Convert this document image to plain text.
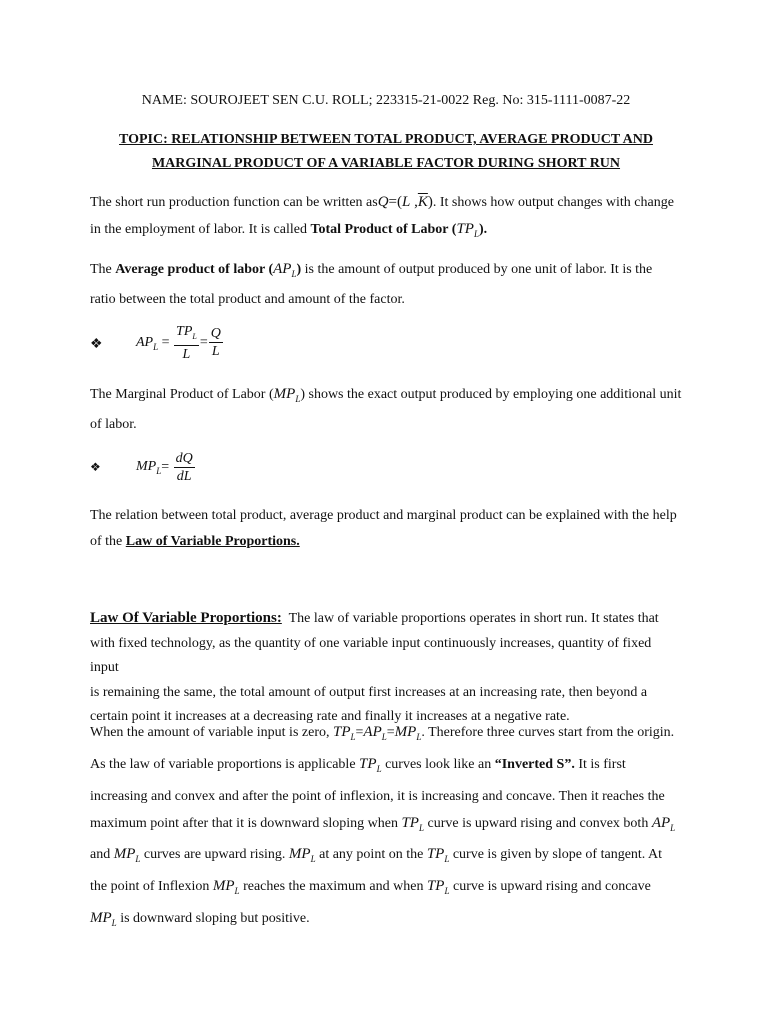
NAME: SOUROJEET SEN C.U. ROLL; 223315-21-0022 Reg. No: 315-1111-0087-22
TOPIC: RELATIONSHIP BETWEEN TOTAL PRODUCT, AVERAGE PRODUCT AND
MARGINAL PRODUCT OF A VARIABLE FACTOR DURING SHORT RUN
The short run production function can be written asQ=(L $,\overline{K}$). It shows how output changes with change
in the employment of labor. It is called Total Product of Labor $(TP_L)$.
The Average product of labor $(AP_L)$ is the amount of output produced by one unit of labor. It is the
ratio between the total product and amount of the factor.
❖ $AP_L = \frac{TP_L}{L} = \frac{Q}{L}$
The Marginal Product of Labor $(MP_L)$ shows the exact output produced by employing one additional unit
of labor.
❖	$MP_L= \frac{dQ}{dL}$
The relation between total product, average product and marginal product can be explained with the help
of the Law of Variable Proportions.
Law Of Variable Proportions:  The law of variable proportions operates in short run. It states that
with fixed technology, as the quantity of one variable input continuously increases, quantity of fixed input
is remaining the same, the total amount of output first increases at an increasing rate, then beyond a
certain point it increases at a decreasing rate and finally it increases at a negative rate.
When the amount of variable input is zero, $TP_L=AP_L=MP_L$. Therefore three curves start from the origin.
As the law of variable proportions is applicable $TP_L$ curves look like an “Inverted S”. It is first
increasing and convex and after the point of inflexion, it is increasing and concave. Then it reaches the
maximum point after that it is downward sloping when $TP_L$ curve is upward rising and convex both $AP_L$
and $MP_L$ curves are upward rising. $MP_L$ at any point on the $TP_L$ curve is given by slope of tangent. At
the point of Inflexion $MP_L$ reaches the maximum and when $TP_L$ curve is upward rising and concave
$MP_L$ is downward sloping but positive.
